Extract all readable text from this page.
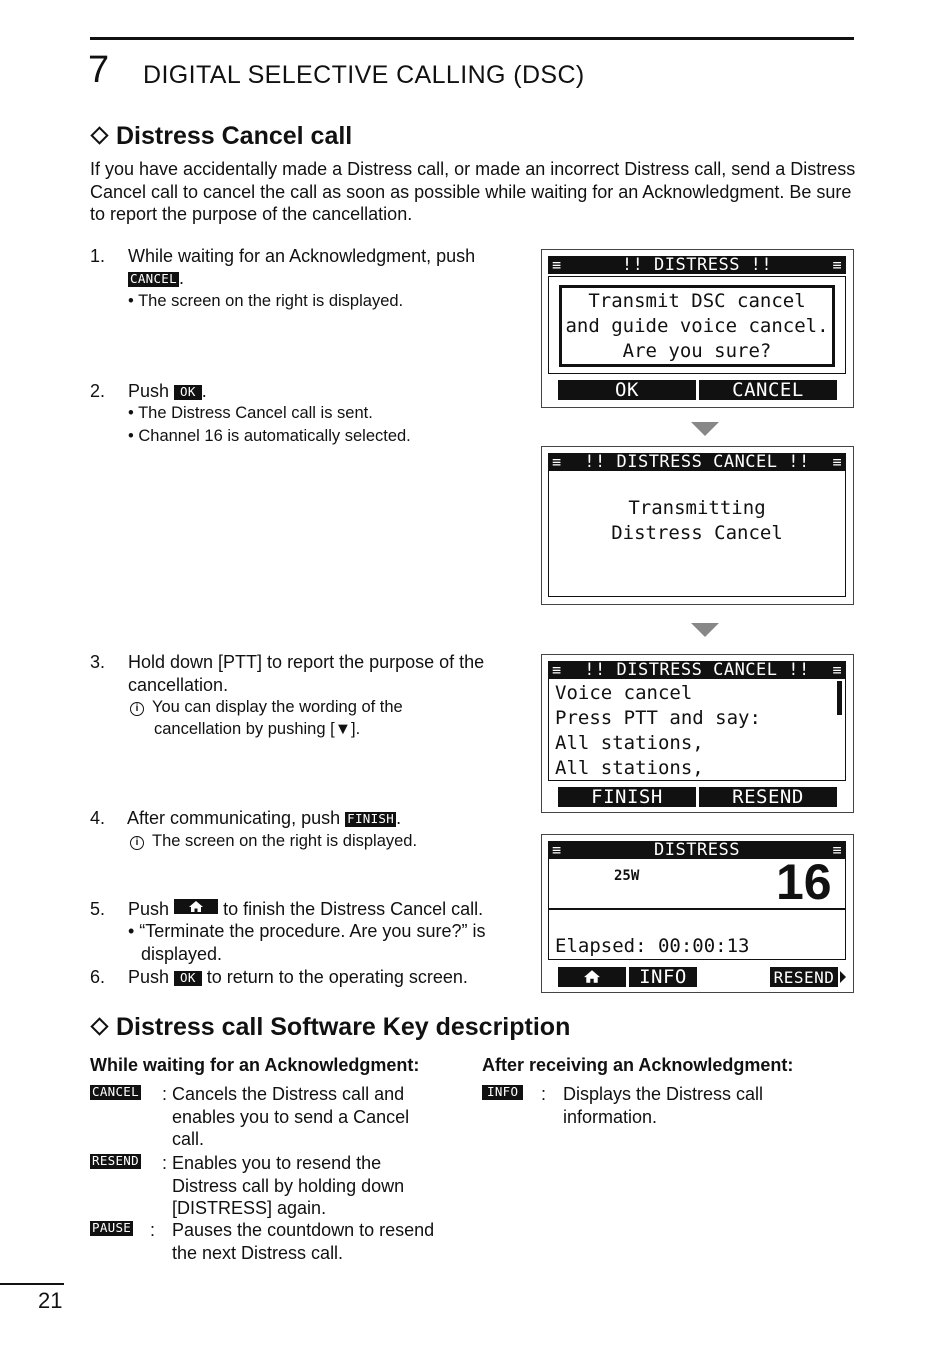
7 DIGITAL SELECTIVE CALLING (DSC)
Distress Cancel call
If you have accidentally made a Distress call, or made an incorrect Distress call, send a Distress Cancel call to cancel the call as soon as possible while waiting for an Acknowledgment. Be sure to report the purpose of the cancellation.
1. While waiting for an Acknowledgment, push
CANCEL .
• The screen on the right is displayed.
2. Push OK .
• The Distress Cancel call is sent.
• Channel 16 is automatically selected.
3. Hold down [PTT] to report the purpose of the
cancellation.
i You can display the wording of the
cancellation by pushing [▼].
4. After communicating, push FINISH .
i The screen on the right is displayed.
5. Push	to finish the Distress Cancel call.
• “Terminate the procedure. Are you sure?” is
displayed.
6. Push OK to return to the operating screen.
≡	!! DISTRESS !!	≡
Transmit DSC cancel
and guide voice cancel.
Are you sure?
OK	CANCEL
≡ !! DISTRESS CANCEL !! ≡
Transmitting
Distress Cancel
≡ !! DISTRESS CANCEL !! ≡
Voice cancel
Press PTT and say:
All stations,
All stations,
FINISH	RESEND
≡	DISTRESS	≡
25W	16
Elapsed: 00:00:13
INFO	RESEND
Distress call Software Key description
While waiting for an Acknowledgment:	After receiving an Acknowledgment:
CANCEL : Cancels the Distress call and enables you to send a Cancel call.
RESEND : Enables you to resend the Distress call by holding down [DISTRESS] again.
PAUSE : Pauses the countdown to resend the next Distress call.
INFO : Displays the Distress call information.
21
